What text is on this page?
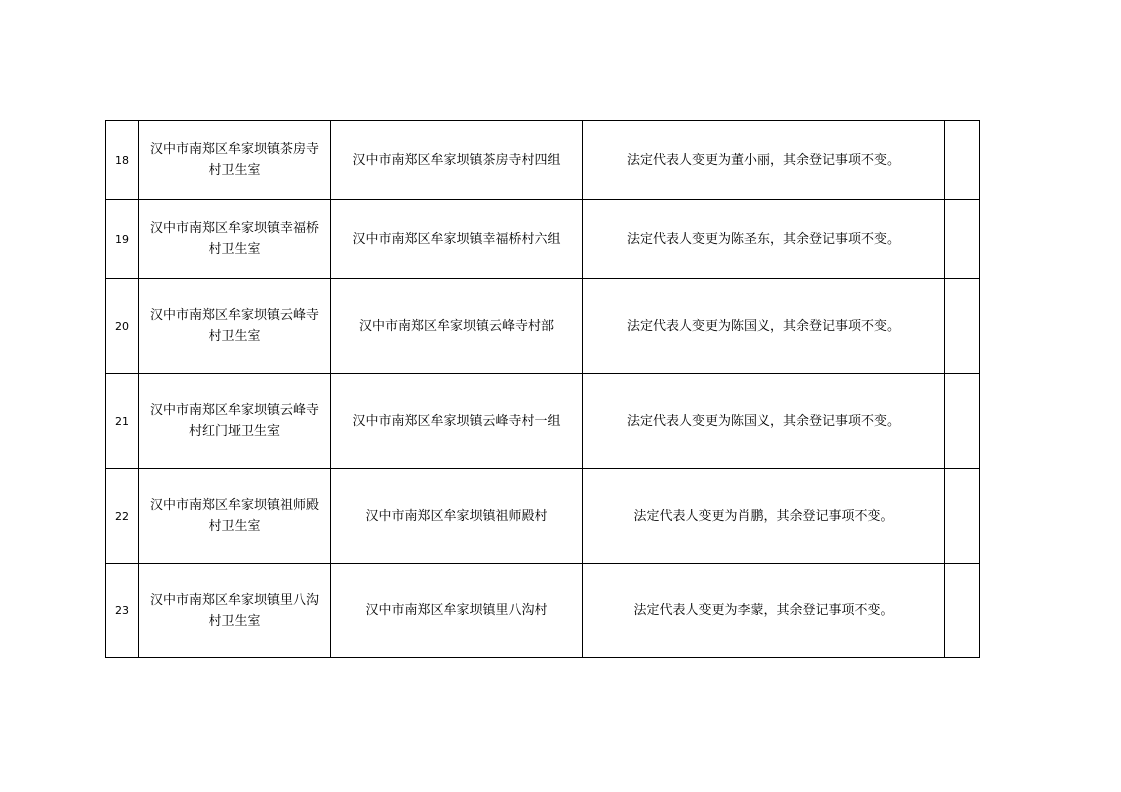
18	汉中市南郑区牟家坝镇茶房寺村卫生室	汉中市南郑区牟家坝镇茶房寺村四组	法定代表人变更为董小丽，其余登记事项不变。	
19	汉中市南郑区牟家坝镇幸福桥村卫生室	汉中市南郑区牟家坝镇幸福桥村六组	法定代表人变更为陈圣东，其余登记事项不变。	
20	汉中市南郑区牟家坝镇云峰寺村卫生室	汉中市南郑区牟家坝镇云峰寺村部	法定代表人变更为陈国义，其余登记事项不变。	
21	汉中市南郑区牟家坝镇云峰寺村红门垭卫生室	汉中市南郑区牟家坝镇云峰寺村一组	法定代表人变更为陈国义，其余登记事项不变。	
22	汉中市南郑区牟家坝镇祖师殿村卫生室	汉中市南郑区牟家坝镇祖师殿村	法定代表人变更为肖鹏，其余登记事项不变。	
23	汉中市南郑区牟家坝镇里八沟村卫生室	汉中市南郑区牟家坝镇里八沟村	法定代表人变更为李蒙，其余登记事项不变。	
